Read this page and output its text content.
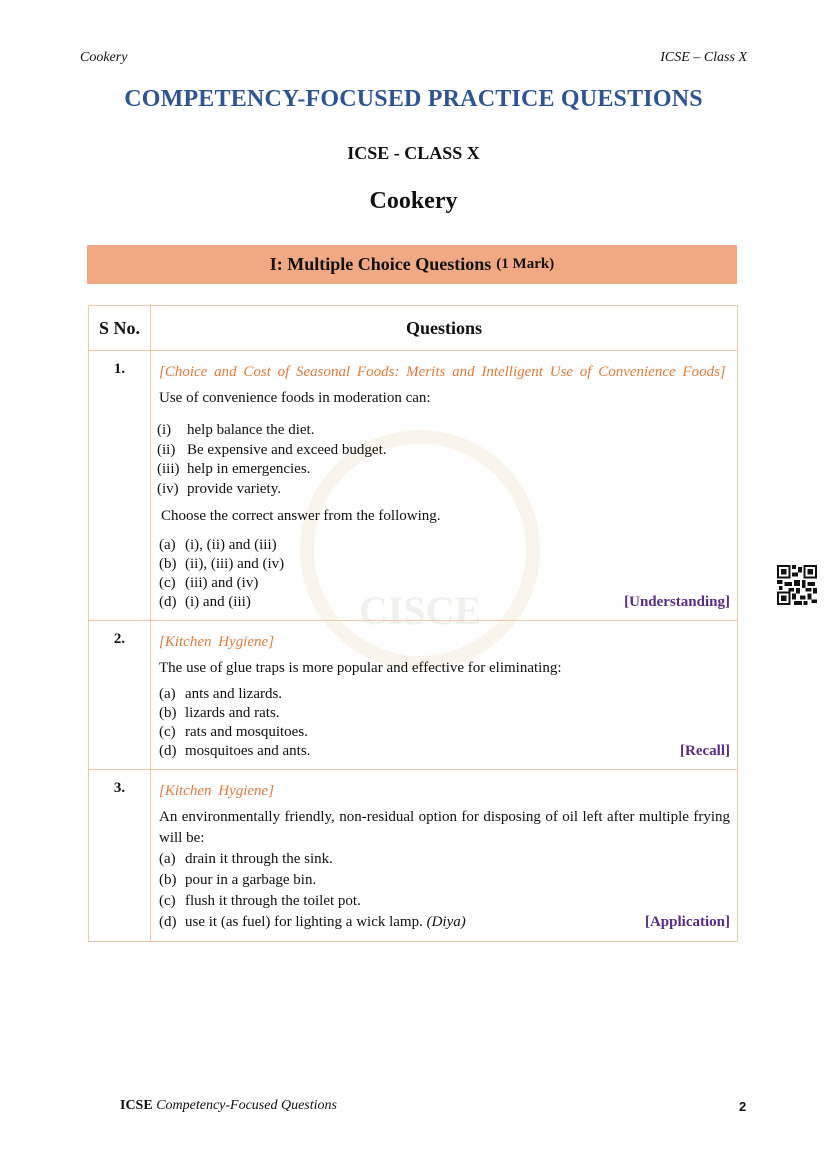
Cookery	ICSE – Class X
COMPETENCY-FOCUSED PRACTICE QUESTIONS
ICSE - CLASS X
Cookery
I: Multiple Choice Questions (1 Mark)
CISCE
S No.	Questions
1.	[Choice and Cost of Seasonal Foods: Merits and Intelligent Use of Convenience Foods]
Use of convenience foods in moderation can:
(i)	help balance the diet.
(ii) Be expensive and exceed budget.
(iii) help in emergencies.
(iv) provide variety.
Choose the correct answer from the following.
(a) (i), (ii) and (iii)
(b) (ii), (iii) and (iv)
(c) (iii) and (iv)
(d) (i) and (iii)	[Understanding]

2.	[Kitchen Hygiene]
The use of glue traps is more popular and effective for eliminating:
(a) ants and lizards.
(b) lizards and rats.
(c) rats and mosquitoes.
(d) mosquitoes and ants.	[Recall]

3.	[Kitchen Hygiene]
An environmentally friendly, non-residual option for disposing of oil left after multiple frying will be:
(a) drain it through the sink.
(b) pour in a garbage bin.
(c) flush it through the toilet pot.
(d) use it (as fuel) for lighting a wick lamp. (Diya)	[Application]
ICSE Competency-Focused Questions	2
